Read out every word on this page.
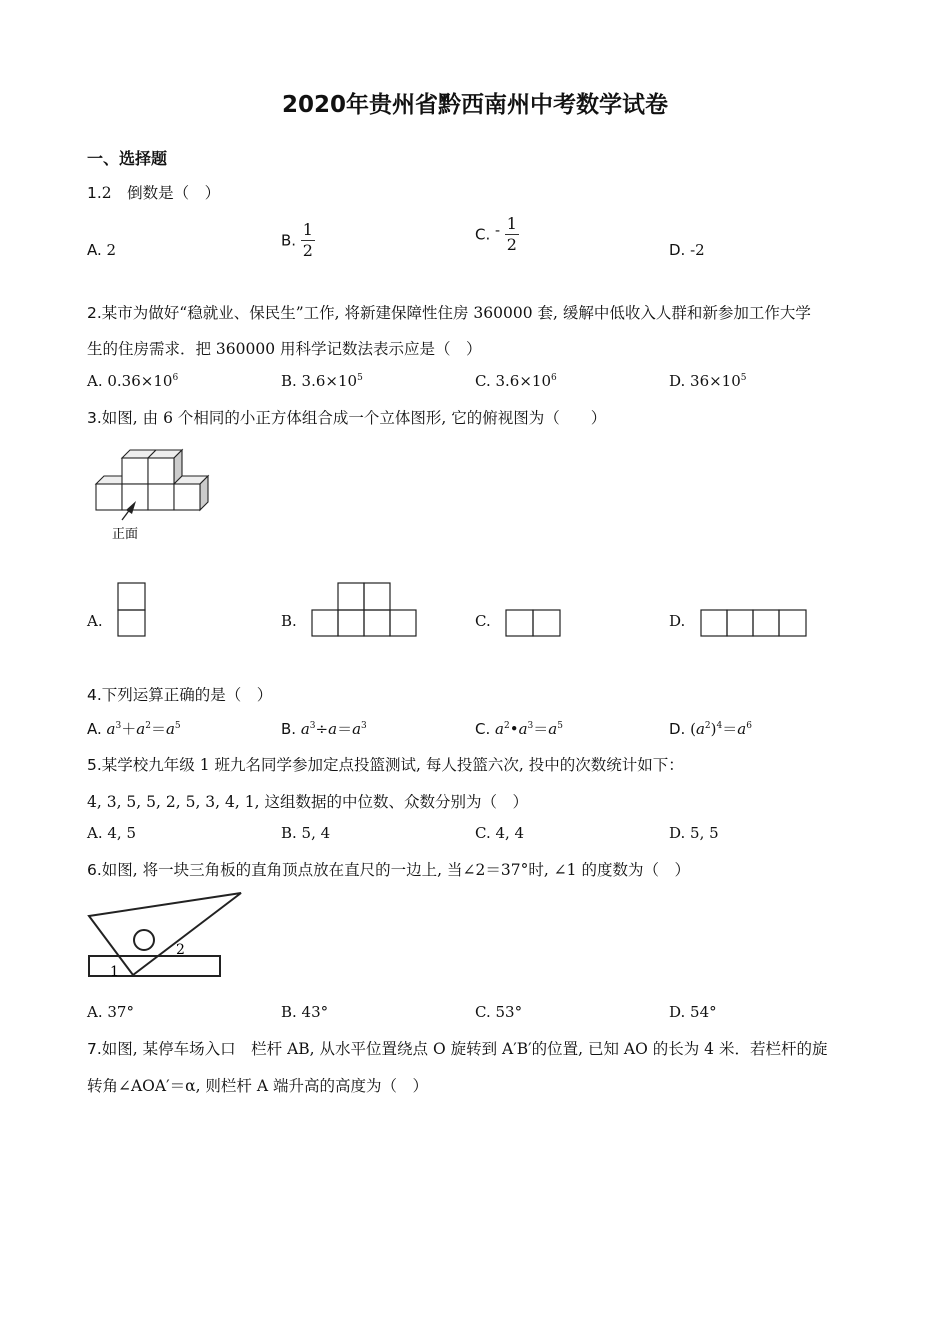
2020年贵州省黔西南州中考数学试卷
一、选择题
1.2　倒数是（　）
A. 2
B. $\frac{1}{2}$	C. - $\frac{1}{2}$	D. -2
2.某市为做好“稳就业、保民生”工作, 将新建保障性住房 360000 套, 缓解中低收入人群和新参加工作大学
生的住房需求．把 360000 用科学记数法表示应是（　）
A. $0.36\times 10^6$	B. $3.6\times 10^5$	C. $3.6\times 10^6$	D. $36\times 10^5$
3.如图, 由 6 个相同的小正方体组合成一个立体图形, 它的俯视图为（　　）
正面
A.	B.	C.	D.
4.下列运算正确的是（　）
A. $a^3+a^2=a^5$	B. $a^3\div a=a^3$	C. $a^2•a^3=a^5$	D. $(a^2)^4=a^6$
5.某学校九年级 1 班九名同学参加定点投篮测试, 每人投篮六次, 投中的次数统计如下：
4, 3, 5, 5, 2, 5, 3, 4, 1, 这组数据的中位数、众数分别为（　）
A. 4, 5	B. 5, 4	C. 4, 4	D. 5, 5
6.如图, 将一块三角板的直角顶点放在直尺的一边上, 当∠2＝37°时, ∠1 的度数为（　）
1
2
A. 37°	B. 43°	C. 53°	D. 54°
7.如图, 某停车场入口　栏杆 AB, 从水平位置绕点 O 旋转到 A′B′的位置, 已知 AO 的长为 4 米．若栏杆的旋
转角∠AOA′＝α, 则栏杆 A 端升高的高度为（　）
